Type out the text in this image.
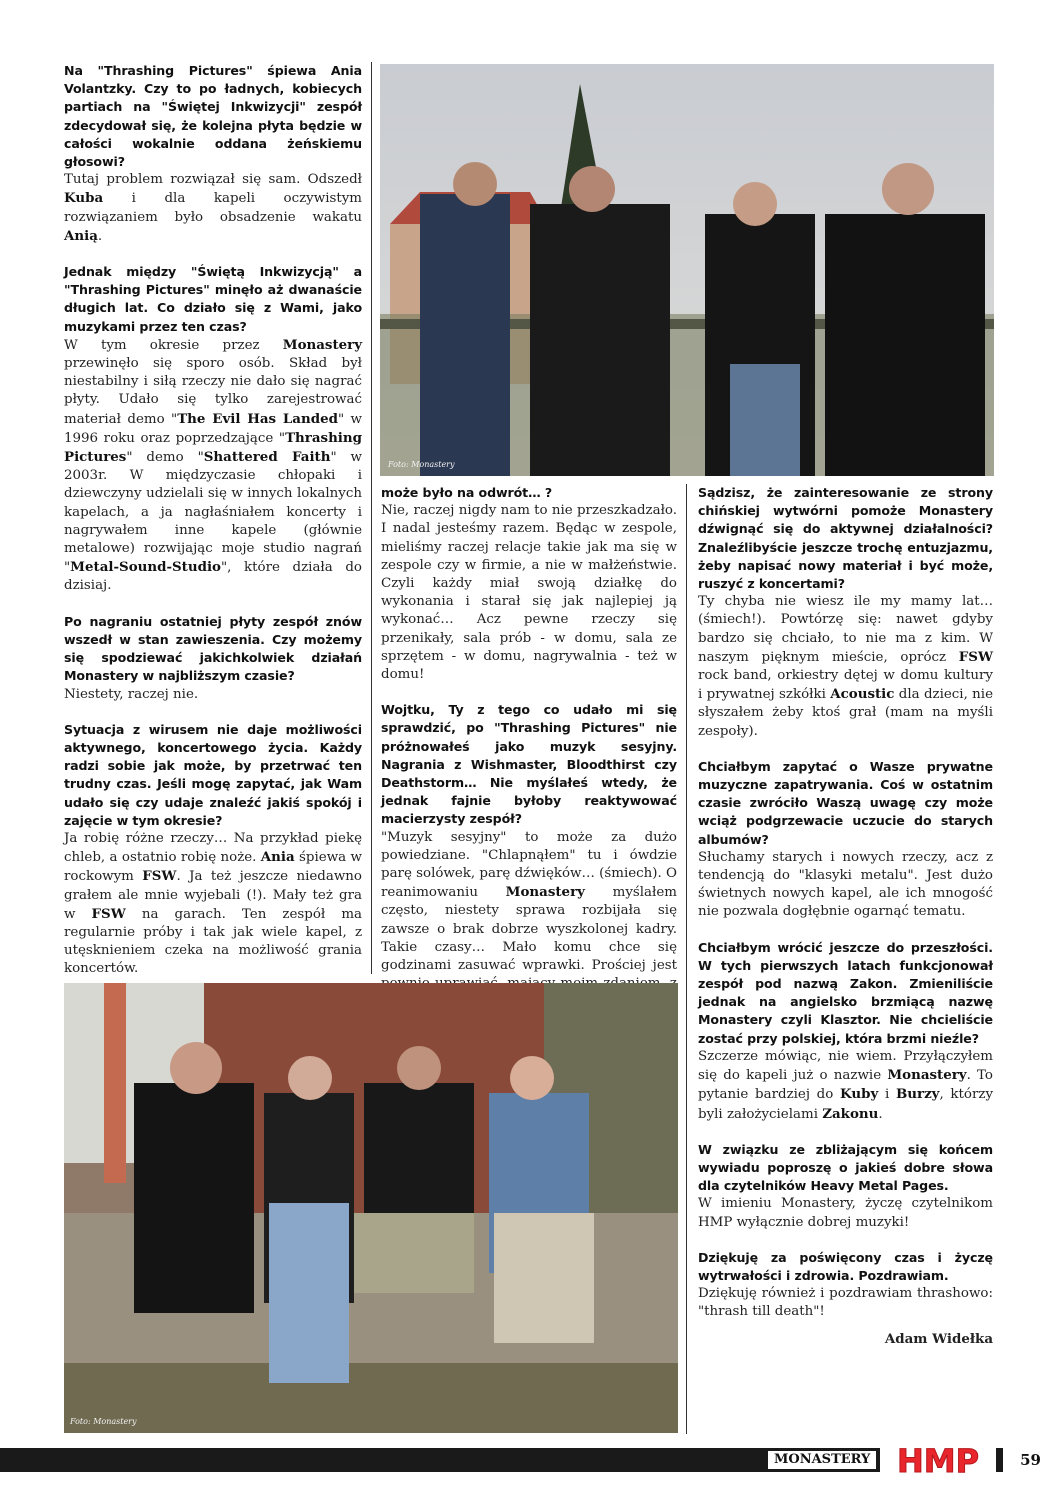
Na "Thrashing Pictures" śpiewa Ania Volantzky. Czy to po ładnych, kobiecych partiach na "Świętej Inkwizycji" zespół zdecydował się, że kolejna płyta będzie w całości wokalnie oddana żeńskiemu głosowi?

Tutaj problem rozwiązał się sam. Odszedł Kuba i dla kapeli oczywistym rozwiązaniem było obsadzenie wakatu Anią.

Jednak między "Świętą Inkwizycją" a "Thrashing Pictures" minęło aż dwanaście długich lat. Co działo się z Wami, jako muzykami przez ten czas?

W tym okresie przez Monastery przewinęło się sporo osób. Skład był niestabilny i siłą rzeczy nie dało się nagrać płyty. Udało się tylko zarejestrować materiał demo "The Evil Has Landed" w 1996 roku oraz poprzedzające "Thrashing Pictures" demo "Shattered Faith" w 2003r. W międzyczasie chłopaki i dziewczyny udzielali się w innych lokalnych kapelach, a ja nagłaśniałem koncerty i nagrywałem inne kapele (głównie metalowe) rozwijając moje studio nagrań "Metal-Sound-Studio", które działa do dzisiaj.

Po nagraniu ostatniej płyty zespół znów wszedł w stan zawieszenia. Czy możemy się spodziewać jakichkolwiek działań Monastery w najbliższym czasie?

Niestety, raczej nie.

Sytuacja z wirusem nie daje możliwości aktywnego, koncertowego życia. Każdy radzi sobie jak może, by przetrwać ten trudny czas. Jeśli mogę zapytać, jak Wam udało się czy udaje znaleźć jakiś spokój i zajęcie w tym okresie?

Ja robię różne rzeczy… Na przykład piekę chleb, a ostatnio robię noże. Ania śpiewa w rockowym FSW. Ja też jeszcze niedawno grałem ale mnie wyjebali (!). Mały też gra w FSW na garach. Ten zespół ma regularnie próby i tak jak wiele kapel, z utęsknieniem czeka na możliwość grania koncertów.

Foto: Monastery

może było na odwrót… ?

Nie, raczej nigdy nam to nie przeszkadzało. I nadal jesteśmy razem. Będąc w zespole, mieliśmy raczej relacje takie jak ma się w zespole czy w firmie, a nie w małżeństwie. Czyli każdy miał swoją działkę do wykonania i starał się jak najlepiej ją wykonać… Acz pewne rzeczy się przenikały, sala prób - w domu, sala ze sprzętem - w domu, nagrywalnia - też w domu!

Wojtku, Ty z tego co udało mi się sprawdzić, po "Thrashing Pictures" nie próżnowałeś jako muzyk sesyjny. Nagrania z Wishmaster, Bloodthirst czy Deathstorm… Nie myślałeś wtedy, że jednak fajnie byłoby reaktywować macierzysty zespół?

"Muzyk sesyjny" to może za dużo powiedziane. "Chlapnąłem" tu i ówdzie parę solówek, parę dźwięków… (śmiech). O reanimowaniu Monastery myślałem często, niestety sprawa rozbijała się zawsze o brak dobrze wyszkolonej kadry. Takie czasy… Mało komu chce się godzinami zasuwać wprawki. Prościej jest

Sądzisz, że zainteresowanie ze strony chińskiej wytwórni pomoże Monastery dźwignąć się do aktywnej działalności? Znaleźlibyście jeszcze trochę entuzjazmu, żeby napisać nowy materiał i być może, ruszyć z koncertami?

Ty chyba nie wiesz ile my mamy lat… (śmiech!). Powtórzę się: nawet gdyby bardzo się chciało, to nie ma z kim. W naszym pięknym mieście, oprócz FSW rock band, orkiestry dętej w domu kultury i prywatnej szkółki Acoustic dla dzieci, nie słyszałem żeby ktoś grał (mam na myśli zespoły).

Chciałbym zapytać o Wasze prywatne muzyczne zapatrywania. Coś w ostatnim czasie zwróciło Waszą uwagę czy może wciąż podgrzewacie uczucie do starych albumów?

Słuchamy starych i nowych rzeczy, acz z tendencją do "klasyki metalu". Jest dużo świetnych nowych kapel, ale ich mnogość nie pozwala dogłębnie ogarnąć tematu.

Chciałbym wrócić jeszcze do przeszłości. W tych pierwszych latach funkcjonował zespół pod nazwą Zakon. Zmieniliście jednak na angielsko brzmiącą nazwę Monastery czyli Klasztor. Nie chcieliście zostać przy polskiej, która brzmi nieźle?

Szczerze mówiąc, nie wiem. Przyłączyłem się do kapeli już o nazwie Monastery. To pytanie bardziej do Kuby i Burzy, którzy byli założycielami Zakonu.

W związku ze zbliżającym się końcem wywiadu poproszę o jakieś dobre słowa dla czytelników Heavy Metal Pages.

W imieniu Monastery, życzę czytelnikom HMP wyłącznie dobrej muzyki!

Dziękuję za poświęcony czas i życzę wytrwałości i zdrowia. Pozdrawiam.

Dziękuję również i pozdrawiam thrashowo: "thrash till death"!

Adam Widełka
Foto: Monastery
MONASTERY HMP	59
